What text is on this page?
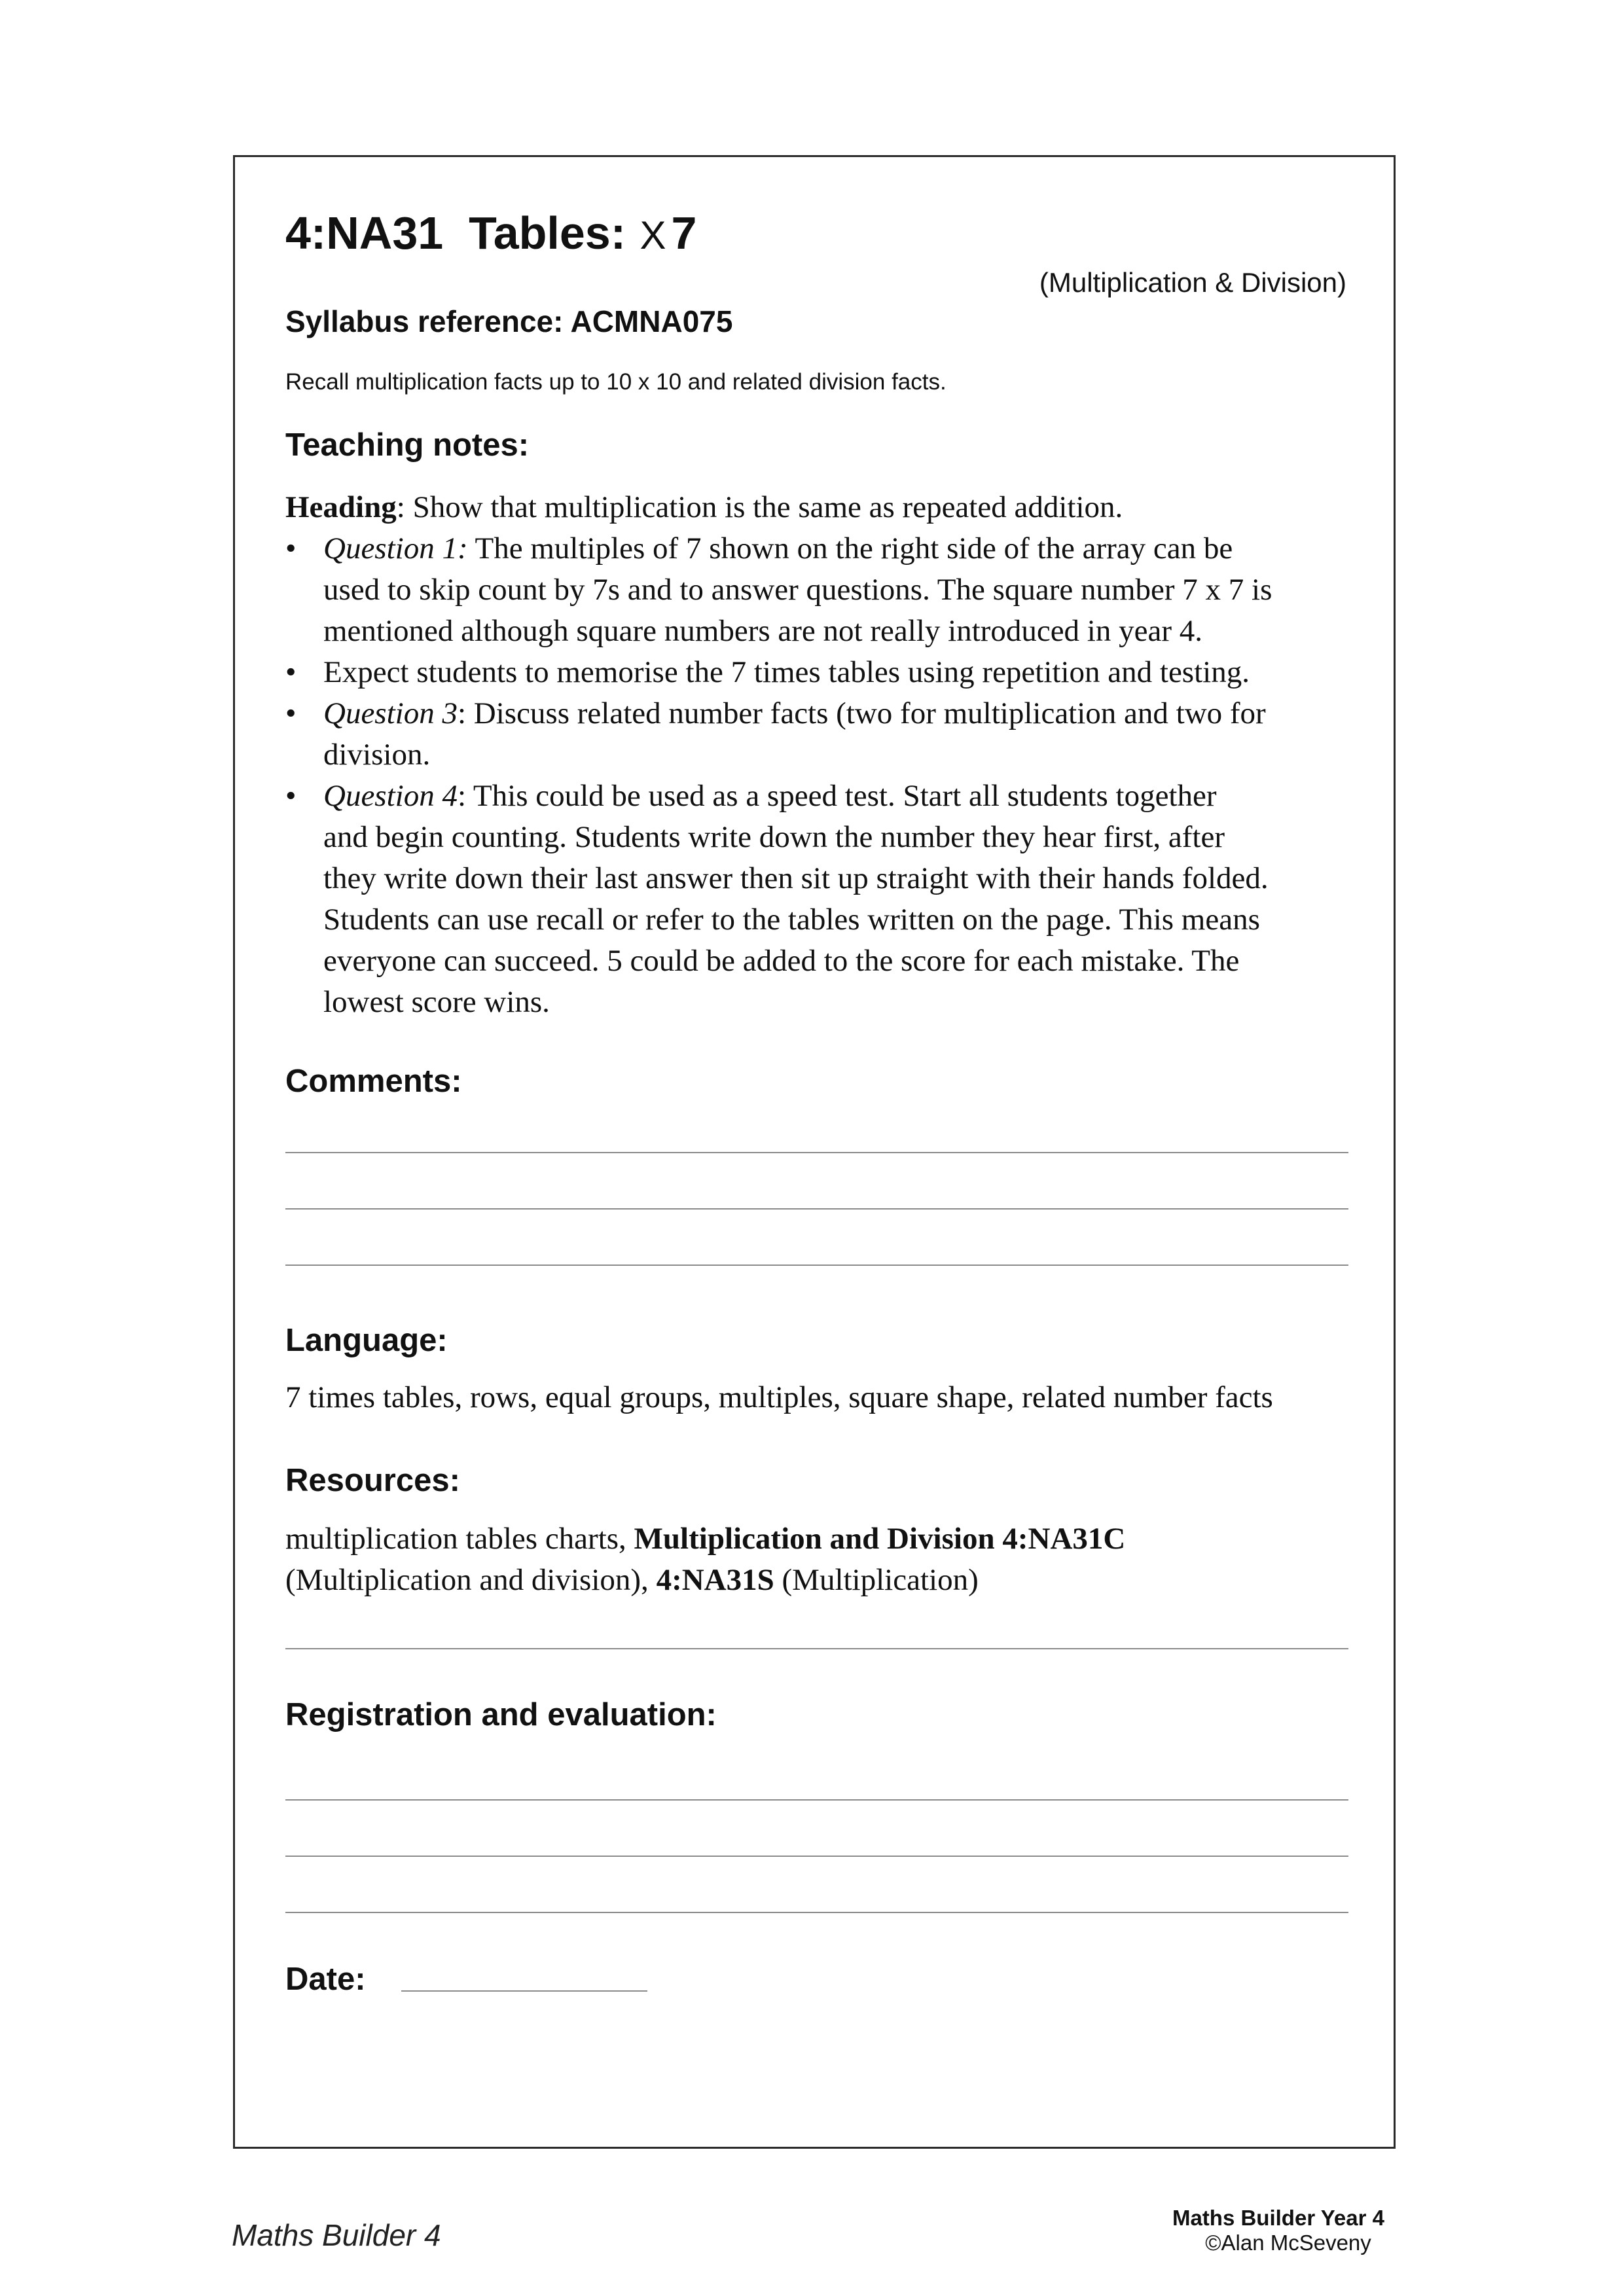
4:NA31 Tables: X 7
(Multiplication & Division)
Syllabus reference: ACMNA075
Recall multiplication facts up to 10 x 10 and related division facts.
Teaching notes:
Heading: Show that multiplication is the same as repeated addition.
• Question 1: The multiples of 7 shown on the right side of the array can be
used to skip count by 7s and to answer questions. The square number 7 x 7 is
mentioned although square numbers are not really introduced in year 4.
• Expect students to memorise the 7 times tables using repetition and testing.
• Question 3: Discuss related number facts (two for multiplication and two for
division.
• Question 4: This could be used as a speed test. Start all students together
and begin counting. Students write down the number they hear first, after
they write down their last answer then sit up straight with their hands folded.
Students can use recall or refer to the tables written on the page. This means
everyone can succeed. 5 could be added to the score for each mistake. The
lowest score wins.
Comments:
Language:
7 times tables, rows, equal groups, multiples, square shape, related number facts
Resources:
multiplication tables charts, Multiplication and Division 4:NA31C
(Multiplication and division), 4:NA31S (Multiplication)
Registration and evaluation:
Date:
Maths Builder 4
Maths Builder Year 4
©Alan McSeveny
